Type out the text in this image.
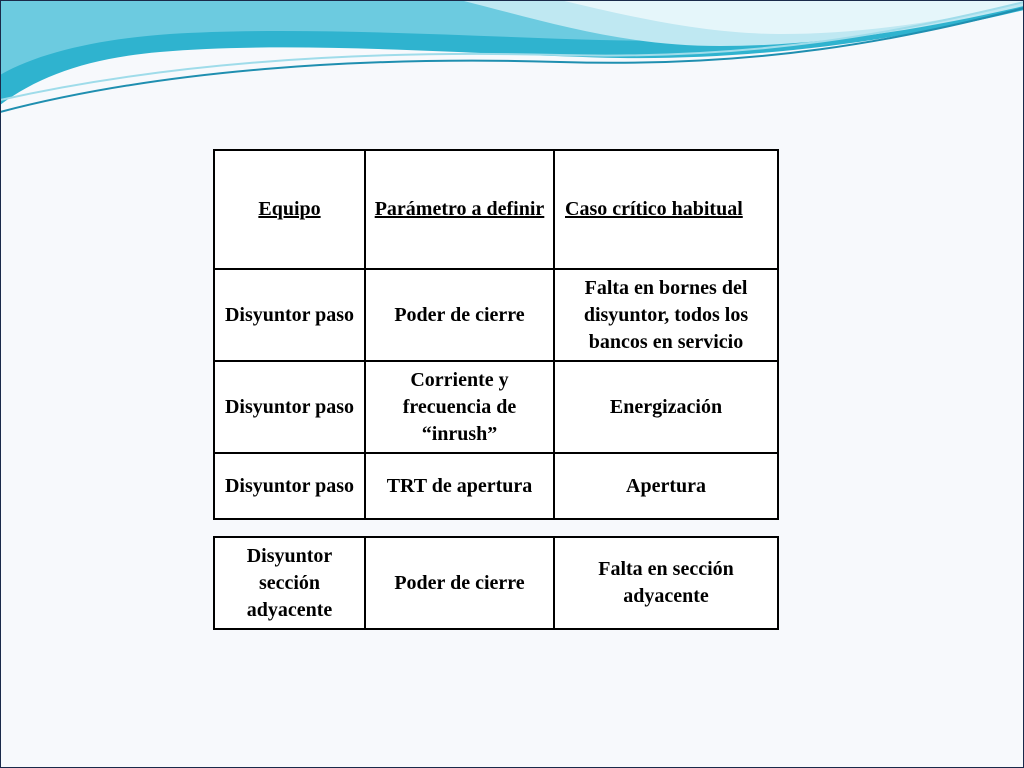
Equipo	Parámetro a definir	Caso crítico habitual
Disyuntor paso	Poder de cierre	Falta en bornes del disyuntor, todos los bancos en servicio
Disyuntor paso	Corriente y frecuencia de “inrush”	Energización
Disyuntor paso	TRT de apertura	Apertura
Disyuntor sección adyacente	Poder de cierre	Falta en sección adyacente
